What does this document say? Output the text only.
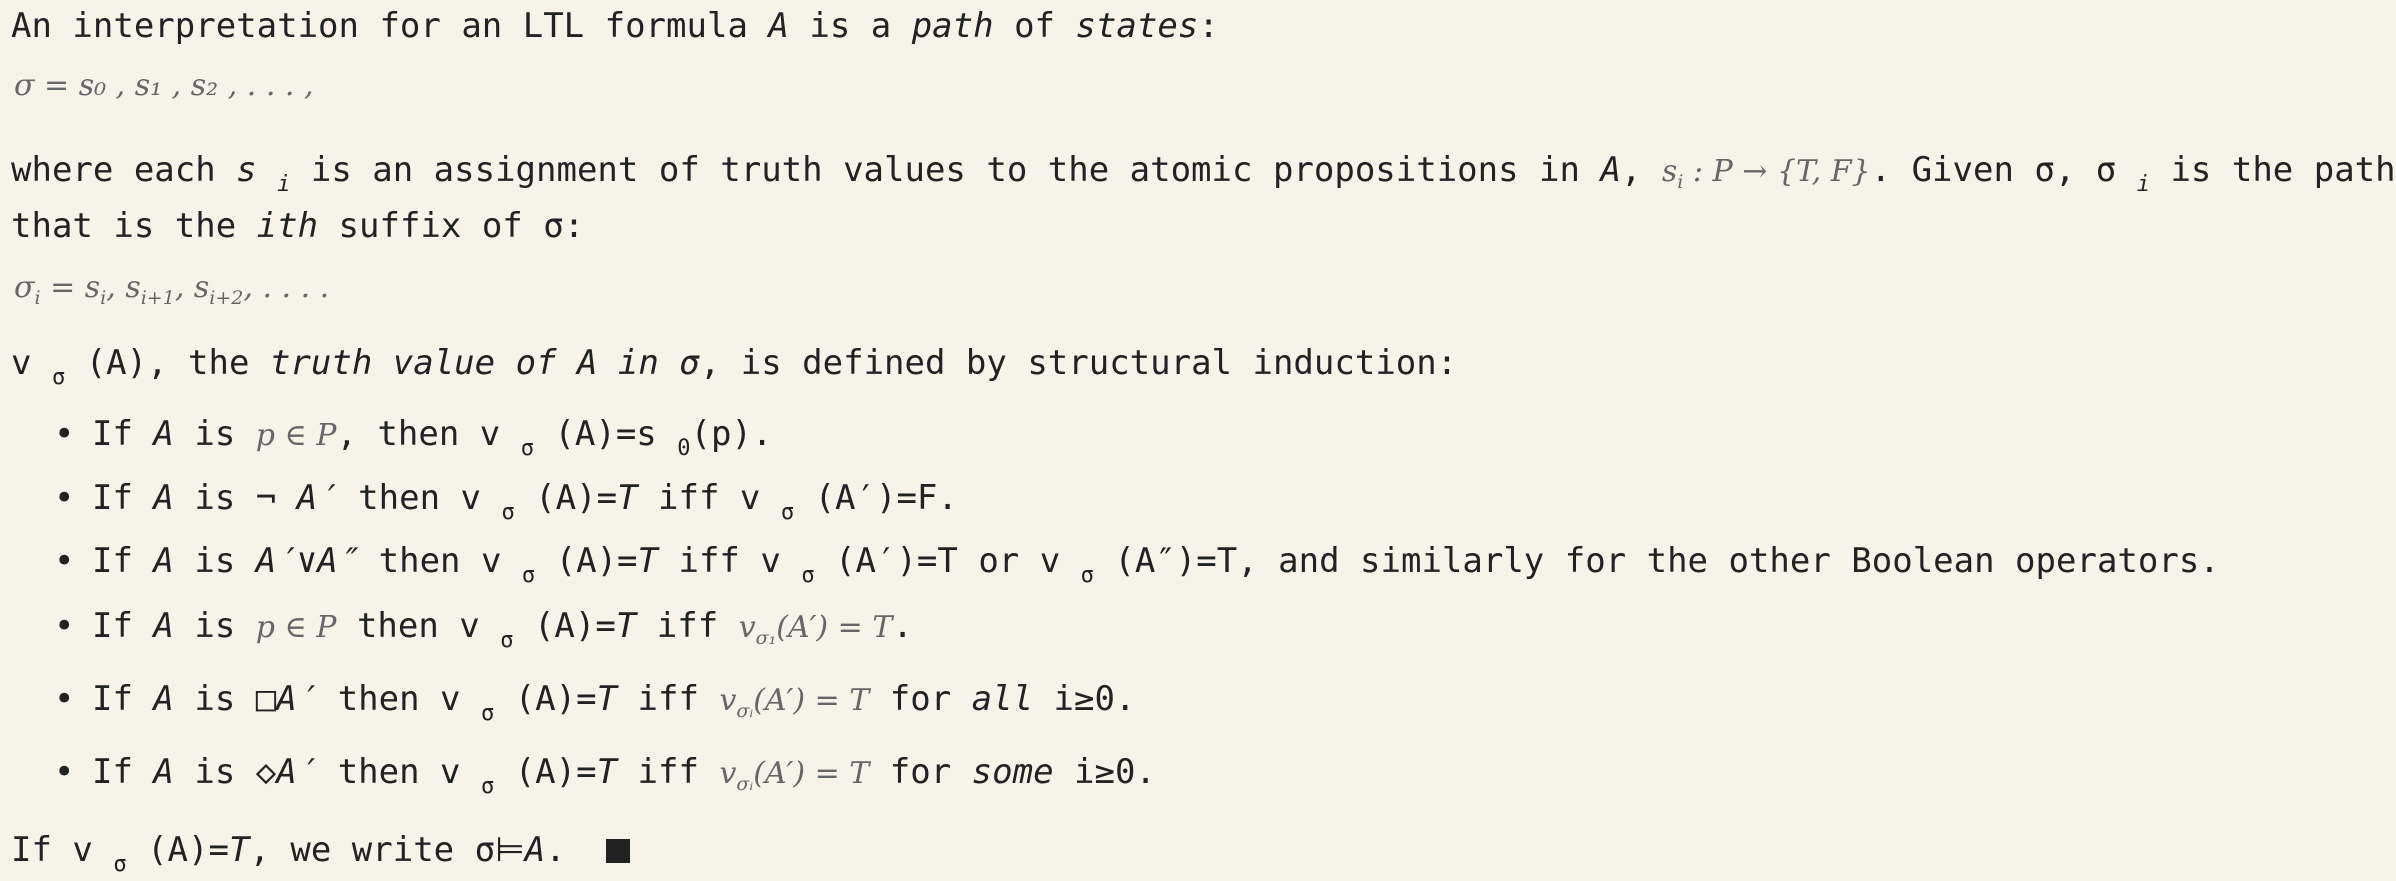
An interpretation for an LTL formula A is a path of states:
σ = s₀ , s₁ , s₂ , . . . ,
where each s $_i$ is an assignment of truth values to the atomic propositions in A, $s_i$ : P → {T, F}. Given σ, σ $_i$ is the path
that is the ith suffix of σ:
$\sigma_i = s_i$, $s_{i+1}$, $s_{i+2}$, . . . .
v $_\sigma$ (A), the truth value of A in σ, is defined by structural induction:
• If A is p ∈ P, then v $_\sigma$ (A)=s $_0$(p).
• If A is ¬ A′ then v $_\sigma$ (A)=T iff v $_\sigma$ (A′)=F.
• If A is A′∨A″ then v $_\sigma$ (A)=T iff v $_\sigma$ (A′)=T or v $_\sigma$ (A″)=T, and similarly for the other Boolean operators.
• If A is p ∈ P then v $_\sigma$ (A)=T iff $v_{\sigma_1}(A') = T$.
• If A is □A′ then v $_\sigma$ (A)=T iff $v_{\sigma ᵢ}(A') = T$ for all i≥0.
• If A is ◇A′ then v $_\sigma$ (A)=T iff $v_{\sigma ᵢ}(A') = T$ for some i≥0.
If v $_\sigma$ (A)=T, we write σ⊨A.
